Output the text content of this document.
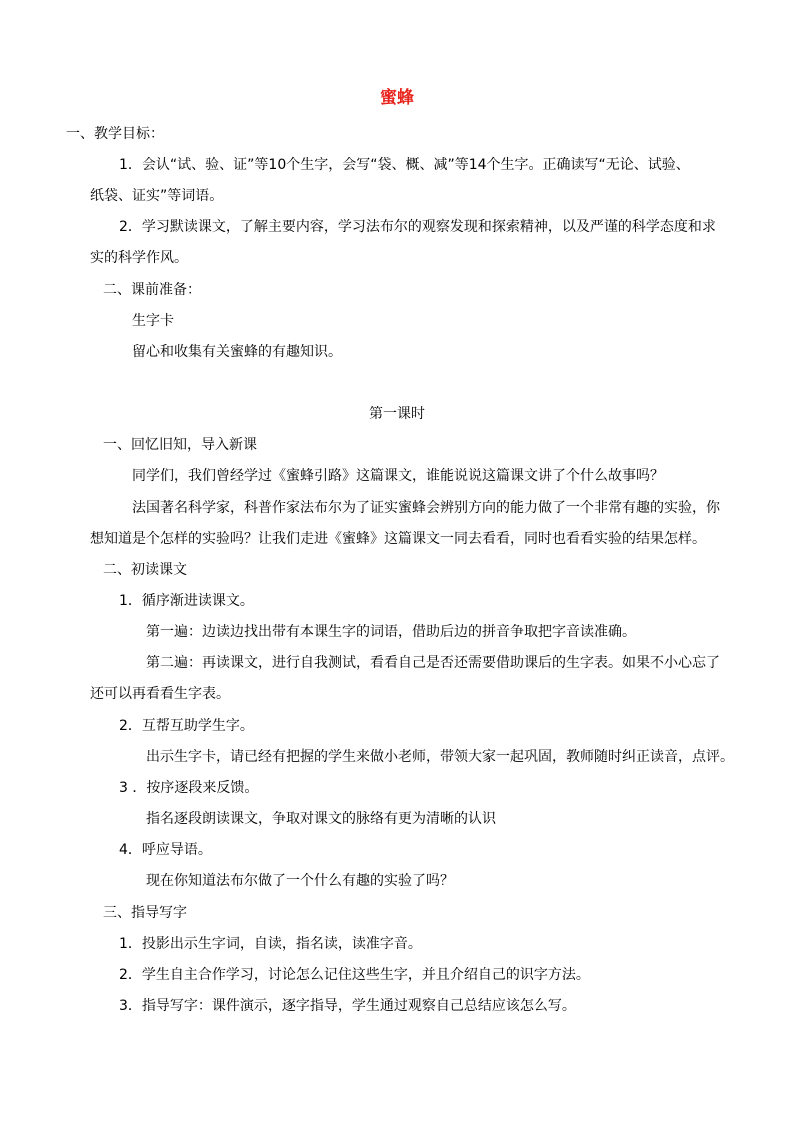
蜜蜂
一、教学目标：
1．会认“试、验、证”等10个生字，会写“袋、概、减”等14个生字。正确读写“无论、试验、
纸袋、证实”等词语。
2．学习默读课文，了解主要内容，学习法布尔的观察发现和探索精神，以及严谨的科学态度和求
实的科学作风。
二、课前准备：
生字卡
留心和收集有关蜜蜂的有趣知识。
第一课时
一、回忆旧知，导入新课
同学们，我们曾经学过《蜜蜂引路》这篇课文，谁能说说这篇课文讲了个什么故事吗？
法国著名科学家，科普作家法布尔为了证实蜜蜂会辨别方向的能力做了一个非常有趣的实验，你
想知道是个怎样的实验吗？让我们走进《蜜蜂》这篇课文一同去看看，同时也看看实验的结果怎样。
二、初读课文
1．循序渐进读课文。
第一遍：边读边找出带有本课生字的词语，借助后边的拼音争取把字音读准确。
第二遍：再读课文，进行自我测试，看看自己是否还需要借助课后的生字表。如果不小心忘了
还可以再看看生字表。
2．互帮互助学生字。
出示生字卡，请已经有把握的学生来做小老师，带领大家一起巩固，教师随时纠正读音，点评。
3 ．按序逐段来反馈。
指名逐段朗读课文，争取对课文的脉络有更为清晰的认识
4．呼应导语。
现在你知道法布尔做了一个什么有趣的实验了吗？
三、指导写字
1．投影出示生字词，自读，指名读，读准字音。
2．学生自主合作学习，讨论怎么记住这些生字，并且介绍自己的识字方法。
3．指导写字：课件演示，逐字指导，学生通过观察自己总结应该怎么写。
